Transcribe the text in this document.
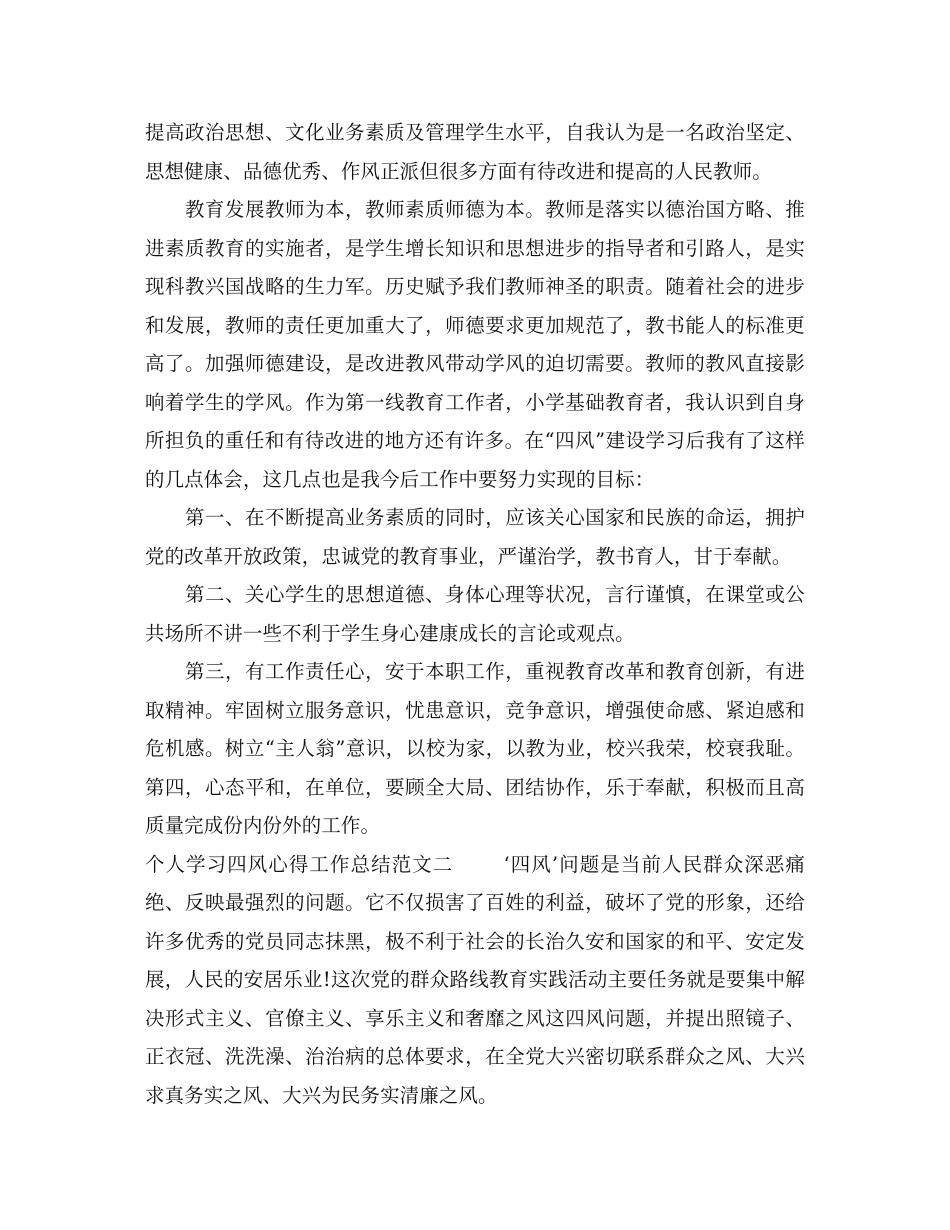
提高政治思想、文化业务素质及管理学生水平，自我认为是一名政治坚定、思想健康、品德优秀、作风正派但很多方面有待改进和提高的人民教师。

教育发展教师为本，教师素质师德为本。教师是落实以德治国方略、推进素质教育的实施者，是学生增长知识和思想进步的指导者和引路人，是实现科教兴国战略的生力军。历史赋予我们教师神圣的职责。随着社会的进步和发展，教师的责任更加重大了，师德要求更加规范了，教书能人的标准更高了。加强师德建设，是改进教风带动学风的迫切需要。教师的教风直接影响着学生的学风。作为第一线教育工作者，小学基础教育者，我认识到自身所担负的重任和有待改进的地方还有许多。在“四风”建设学习后我有了这样的几点体会，这几点也是我今后工作中要努力实现的目标：

第一、在不断提高业务素质的同时，应该关心国家和民族的命运，拥护党的改革开放政策，忠诚党的教育事业，严谨治学，教书育人，甘于奉献。

第二、关心学生的思想道德、身体心理等状况，言行谨慎，在课堂或公共场所不讲一些不利于学生身心建康成长的言论或观点。

第三，有工作责任心，安于本职工作，重视教育改革和教育创新，有进取精神。牢固树立服务意识，忧患意识，竞争意识，增强使命感、紧迫感和危机感。树立“主人翁”意识，以校为家，以教为业，校兴我荣，校衰我耻。第四，心态平和，在单位，要顾全大局、团结协作，乐于奉献，积极而且高质量完成份内份外的工作。

个人学习四风心得工作总结范文二	‘四风’问题是当前人民群众深恶痛绝、反映最强烈的问题。它不仅损害了百姓的利益，破坏了党的形象，还给许多优秀的党员同志抹黑，极不利于社会的长治久安和国家的和平、安定发展，人民的安居乐业!这次党的群众路线教育实践活动主要任务就是要集中解决形式主义、官僚主义、享乐主义和奢靡之风这四风问题，并提出照镜子、正衣冠、洗洗澡、治治病的总体要求，在全党大兴密切联系群众之风、大兴求真务实之风、大兴为民务实清廉之风。
